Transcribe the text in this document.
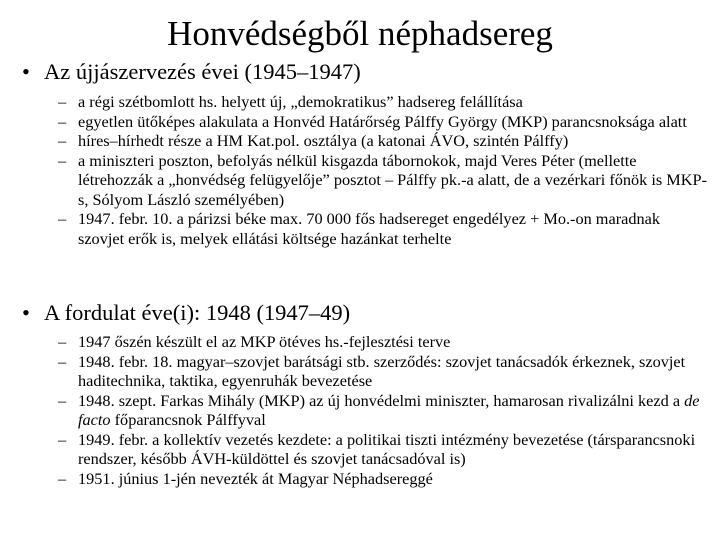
Honvédségből néphadsereg
• Az újjászervezés évei (1945–1947)
– a régi szétbomlott hs. helyett új, „demokratikus” hadsereg felállítása
– egyetlen ütőképes alakulata a Honvéd Határőrség Pálffy György (MKP) parancsnoksága alatt
– híres–hírhedt része a HM Kat.pol. osztálya (a katonai ÁVO, szintén Pálffy)
– a miniszteri poszton, befolyás nélkül kisgazda tábornokok, majd Veres Péter (mellette létrehozzák a „honvédség felügyelője” posztot – Pálffy pk.-a alatt, de a vezérkari főnök is MKP-s, Sólyom László személyében)
– 1947. febr. 10. a párizsi béke max. 70 000 fős hadsereget engedélyez + Mo.-on maradnak szovjet erők is, melyek ellátási költsége hazánkat terhelte
• A fordulat éve(i): 1948 (1947–49)
– 1947 őszén készült el az MKP ötéves hs.-fejlesztési terve
– 1948. febr. 18. magyar–szovjet barátsági stb. szerződés: szovjet tanácsadók érkeznek, szovjet haditechnika, taktika, egyenruhák bevezetése
– 1948. szept. Farkas Mihály (MKP) az új honvédelmi miniszter, hamarosan rivalizálni kezd a de facto főparancsnok Pálffyval
– 1949. febr. a kollektív vezetés kezdete: a politikai tiszti intézmény bevezetése (társparancsnoki rendszer, később ÁVH-küldöttel és szovjet tanácsadóval is)
– 1951. június 1-jén nevezték át Magyar Néphadsereggé
